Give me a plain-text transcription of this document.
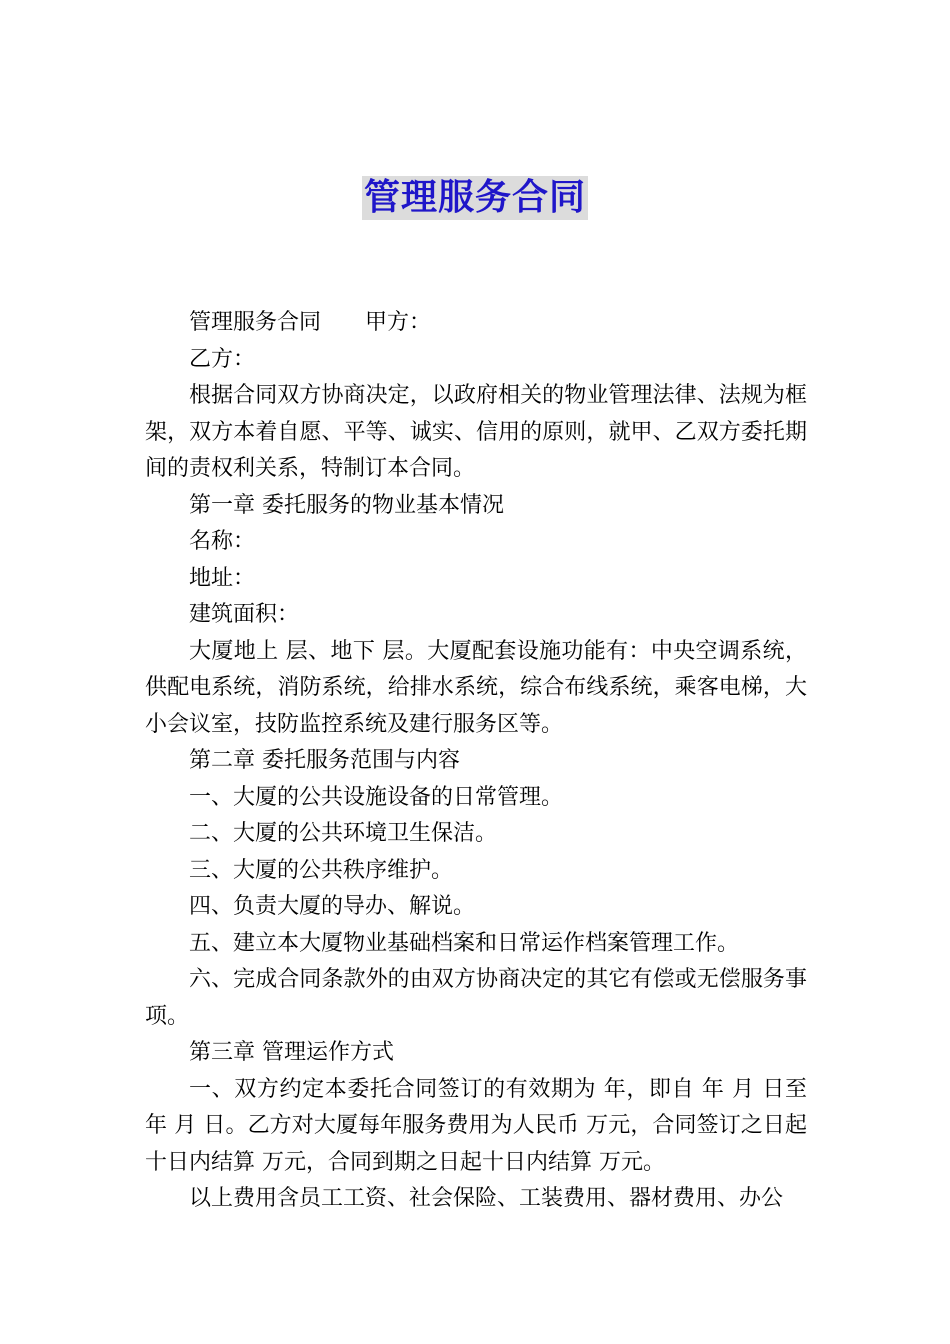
管理服务合同

管理服务合同 甲方：

乙方：

根据合同双方协商决定，以政府相关的物业管理法律、法规为框架，双方本着自愿、平等、诚实、信用的原则，就甲、乙双方委托期间的责权利关系，特制订本合同。

第一章 委托服务的物业基本情况

名称：

地址：

建筑面积：

大厦地上 层、地下 层。大厦配套设施功能有：中央空调系统，供配电系统，消防系统，给排水系统，综合布线系统，乘客电梯，大小会议室，技防监控系统及建行服务区等。

第二章 委托服务范围与内容

一、大厦的公共设施设备的日常管理。

二、大厦的公共环境卫生保洁。

三、大厦的公共秩序维护。

四、负责大厦的导办、解说。

五、建立本大厦物业基础档案和日常运作档案管理工作。

六、完成合同条款外的由双方协商决定的其它有偿或无偿服务事项。

第三章 管理运作方式

一、双方约定本委托合同签订的有效期为 年，即自 年 月 日至 年 月 日。乙方对大厦每年服务费用为人民币 万元，合同签订之日起十日内结算 万元，合同到期之日起十日内结算 万元。

以上费用含员工工资、社会保险、工装费用、器材费用、办公
